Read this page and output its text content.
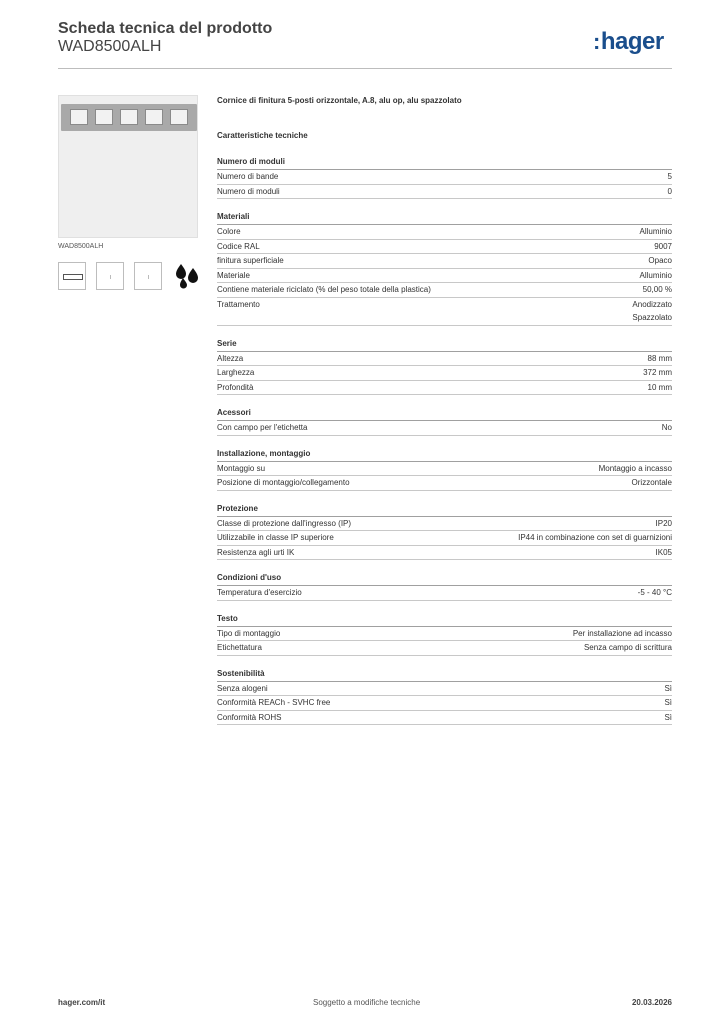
Scheda tecnica del prodotto
WAD8500ALH	:hager
WAD8500ALH
Cornice di finitura 5-posti orizzontale, A.8, alu op, alu spazzolato
Caratteristiche tecniche
Numero di moduli
Numero di bande	5
Numero di moduli	0
Materiali
Colore	Alluminio
Codice RAL	9007
finitura superficiale	Opaco
Materiale	Alluminio
Contiene materiale riciclato (% del peso totale della plastica)	50,00 %
Trattamento	Anodizzato
Spazzolato
Serie
Altezza	88 mm
Larghezza	372 mm
Profondità	10 mm
Acessori
Con campo per l'etichetta	No
Installazione, montaggio
Montaggio su	Montaggio a incasso
Posizione di montaggio/collegamento	Orizzontale
Protezione
Classe di protezione dall'ingresso (IP)	IP20
Utilizzabile in classe IP superiore	IP44 in combinazione con set di guarnizioni
Resistenza agli urti IK	IK05
Condizioni d'uso
Temperatura d'esercizio	-5 - 40 °C
Testo
Tipo di montaggio	Per installazione ad incasso
Etichettatura	Senza campo di scrittura
Sostenibilità
Senza alogeni	Sì
Conformità REACh - SVHC free	Sì
Conformità ROHS	Sì
hager.com/it	Soggetto a modifiche tecniche	20.03.2026
